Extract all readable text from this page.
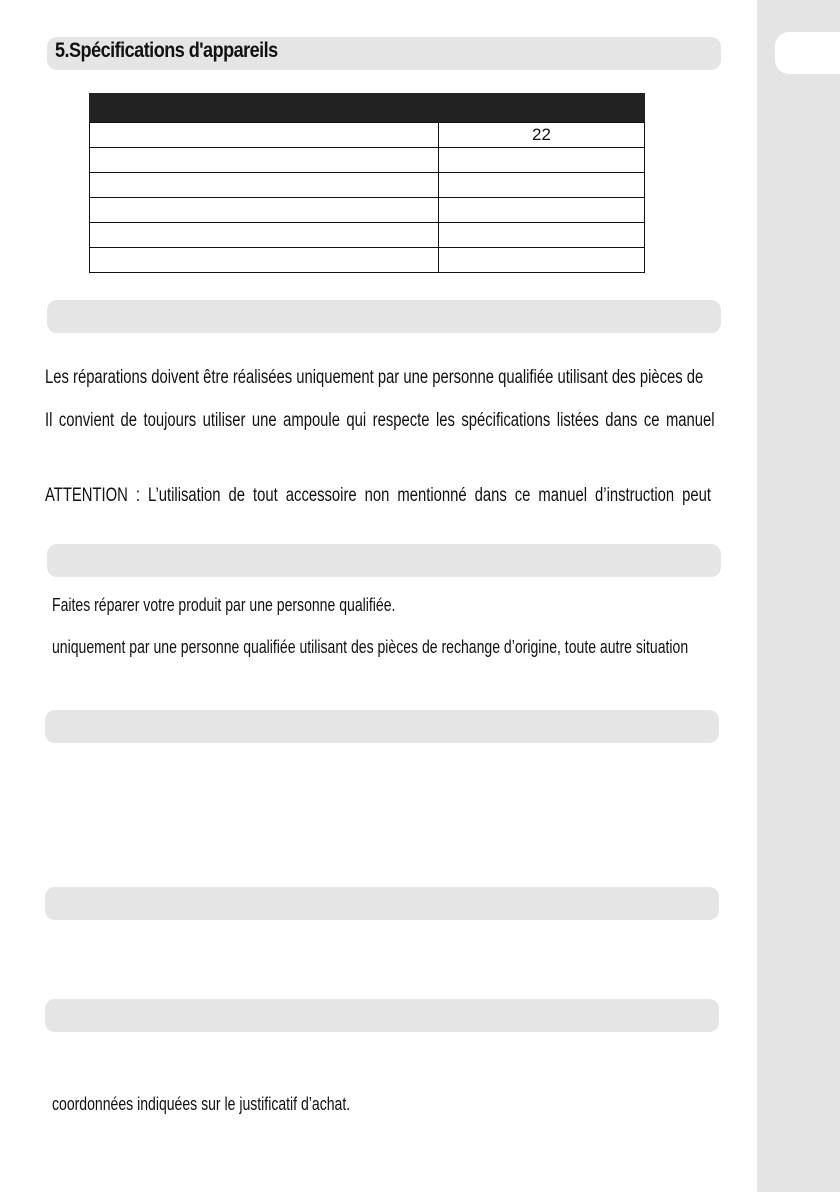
5.Spécifications d'appareils

	22

Les réparations doivent être réalisées uniquement par une personne qualifiée utilisant des pièces de
Il convient de toujours utiliser une ampoule qui respecte les spécifications listées dans ce manuel
ATTENTION : L’utilisation de tout accessoire non mentionné dans ce manuel d’instruction peut
Faites réparer votre produit par une personne qualifiée.
uniquement par une personne qualifiée utilisant des pièces de rechange d’origine, toute autre situation
coordonnées indiquées sur le justificatif d’achat.
